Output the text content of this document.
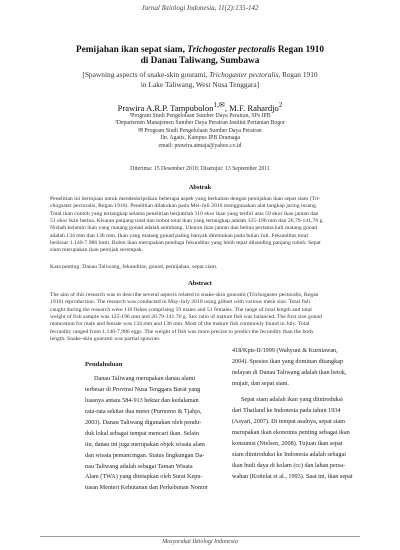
Jurnal Iktiologi Indonesia, 11(2):135-142
Pemijahan ikan sepat siam, Trichogaster pectoralis Regan 1910
di Danau Taliwang, Sumbawa
[Spawning aspects of snake-skin gourami, Trichogaster pectoralis, Regan 1910
in Lake Taliwang, West Nusa Tenggara]
Prawira A.R.P. Tampubolon$^{1,✉}$, M.F. Rahardjo$^2$
¹Program Studi Pengelolaan Sumber Daya Perairan, SPs IPB
²Departemen Manajemen Sumber Daya Perairan Institut Pertanian Bogor
✉Program Studi Pengelolaan Sumber Daya Perairan
Jln. Agatis, Kampus IPB Dramaga
email: prawira.atmaja@yahoo.co.id
Diterima: 15 Desember 2010; Disetujui: 13 September 2011
Abstrak
Penelitian ini bertujuan untuk mendeskripsikan beberapa aspek yang berkaitan dengan pemijahan ikan sepat siam (Tri-
chogaster pectoralis, Regan 1910). Penelitian dilakukan pada Mei-Juli 2010 menggunakan alat tangkap jaring insang.
Total ikan contoh yang tertangkap selama penelitian berjumlah 110 ekor ikan yang terdiri atas 59 ekor ikan jantan dan
51 ekor ikan betina. Kisaran panjang total dan bobot total ikan yang tertangkap adalah 125-196 mm dan 26,79-141,76 g.
Nisbah kelamin ikan yang matang gonad adalah seimbang. Ukuran ikan jantan dan betina pertama kali matang gonad
adalah 134 mm dan 136 mm. Ikan yang matang gonad paling banyak ditemukan pada bulan Juli. Fekunditas total
berkisar 1.140-7.986 butir. Bobot ikan merupakan penduga fekunditas yang lebih tepat dibanding panjang tubuh. Sepat
siam merupakan ikan pemijah serempak.
Kata penting: Danau Taliwang, fekunditas, gonad, pemijahan, sepat siam.
Abstract
The aim of this research was to describe several aspects related to snake-skin gourami (Trichogaster pectoralis, Regan
1910) reproduction. The research was conducted in May-July 2010 using gillnet with various mesh size. Total fish
caught during the research were 110 fishes comprising 59 males and 51 females. The range of total length and total
weight of fish sample was 125-196 mm and 26.79-141.76 g. Sex ratio of mature fish was balanced. The first size gonad
maturation for male and female was 134 mm and 136 mm. Most of the mature fish commonly found in July. Total
fecundity ranged from 1,140-7,986 eggs. The weight of fish was more precise to predict the fecundity than the body
length. Snake-skin gourami was partial spawner.
Pendahuluan

Danau Taliwang merupakan danau alami

terbesar di Provinsi Nusa Tenggara Barat yang

luasnya antara 584-913 hektar dan kedalaman

rata-rata sekitar dua meter (Purnomo & Tjahjo,

2003). Danau Taliwang digunakan oleh pendu-

duk lokal sebagai tempat mencari ikan. Selain

itu, danau ini juga merupakan objek wisata alam

dan wisata pemancingan. Status lingkungan Da-

nau Taliwang adalah sebagai Taman Wisata

Alam (TWA) yang ditetapkan oleh Surat Kepu-

tusan Menteri Kehutanan dan Perkebunan Nomor

418/Kpts-II/1999 (Wahyuni & Kurniawan,

2004). Spesies ikan yang dominan ditangkap

nelayan di Danau Taliwang adalah ikan betok,

mujair, dan sepat siam.

Sepat siam adalah ikan yang diintroduksi

dari Thailand ke Indonesia pada tahun 1934

(Asyari, 2007). Di tempat asalnya, sepat siam

merupakan ikan ekonomis penting sebagai ikan

konsumsi (Nielsen, 2008). Tujuan ikan sepat

siam diintroduksi ke Indonesia adalah sebagai

ikan budi daya di kolam (cc) dan lahan persa-

wahan (Kottelat et al., 1993). Saat ini, ikan sepat

Masyarakat Iktiologi Indonesia
